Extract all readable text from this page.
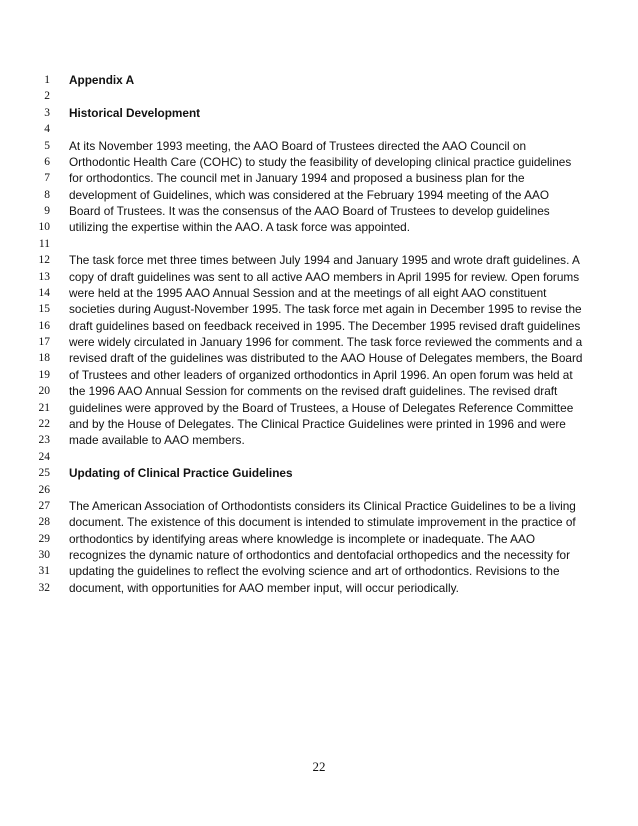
1 Appendix A
2
3 Historical Development
4
5 At its November 1993 meeting, the AAO Board of Trustees directed the AAO Council on
6 Orthodontic Health Care (COHC) to study the feasibility of developing clinical practice guidelines
7 for orthodontics. The council met in January 1994 and proposed a business plan for the
8 development of Guidelines, which was considered at the February 1994 meeting of the AAO
9 Board of Trustees. It was the consensus of the AAO Board of Trustees to develop guidelines
10 utilizing the expertise within the AAO. A task force was appointed.
11
12 The task force met three times between July 1994 and January 1995 and wrote draft guidelines. A
13 copy of draft guidelines was sent to all active AAO members in April 1995 for review. Open forums
14 were held at the 1995 AAO Annual Session and at the meetings of all eight AAO constituent
15 societies during August-November 1995. The task force met again in December 1995 to revise the
16 draft guidelines based on feedback received in 1995. The December 1995 revised draft guidelines
17 were widely circulated in January 1996 for comment. The task force reviewed the comments and a
18 revised draft of the guidelines was distributed to the AAO House of Delegates members, the Board
19 of Trustees and other leaders of organized orthodontics in April 1996. An open forum was held at
20 the 1996 AAO Annual Session for comments on the revised draft guidelines. The revised draft
21 guidelines were approved by the Board of Trustees, a House of Delegates Reference Committee
22 and by the House of Delegates. The Clinical Practice Guidelines were printed in 1996 and were
23 made available to AAO members.
24
25 Updating of Clinical Practice Guidelines
26
27 The American Association of Orthodontists considers its Clinical Practice Guidelines to be a living
28 document. The existence of this document is intended to stimulate improvement in the practice of
29 orthodontics by identifying areas where knowledge is incomplete or inadequate. The AAO
30 recognizes the dynamic nature of orthodontics and dentofacial orthopedics and the necessity for
31 updating the guidelines to reflect the evolving science and art of orthodontics. Revisions to the
32 document, with opportunities for AAO member input, will occur periodically.
22
